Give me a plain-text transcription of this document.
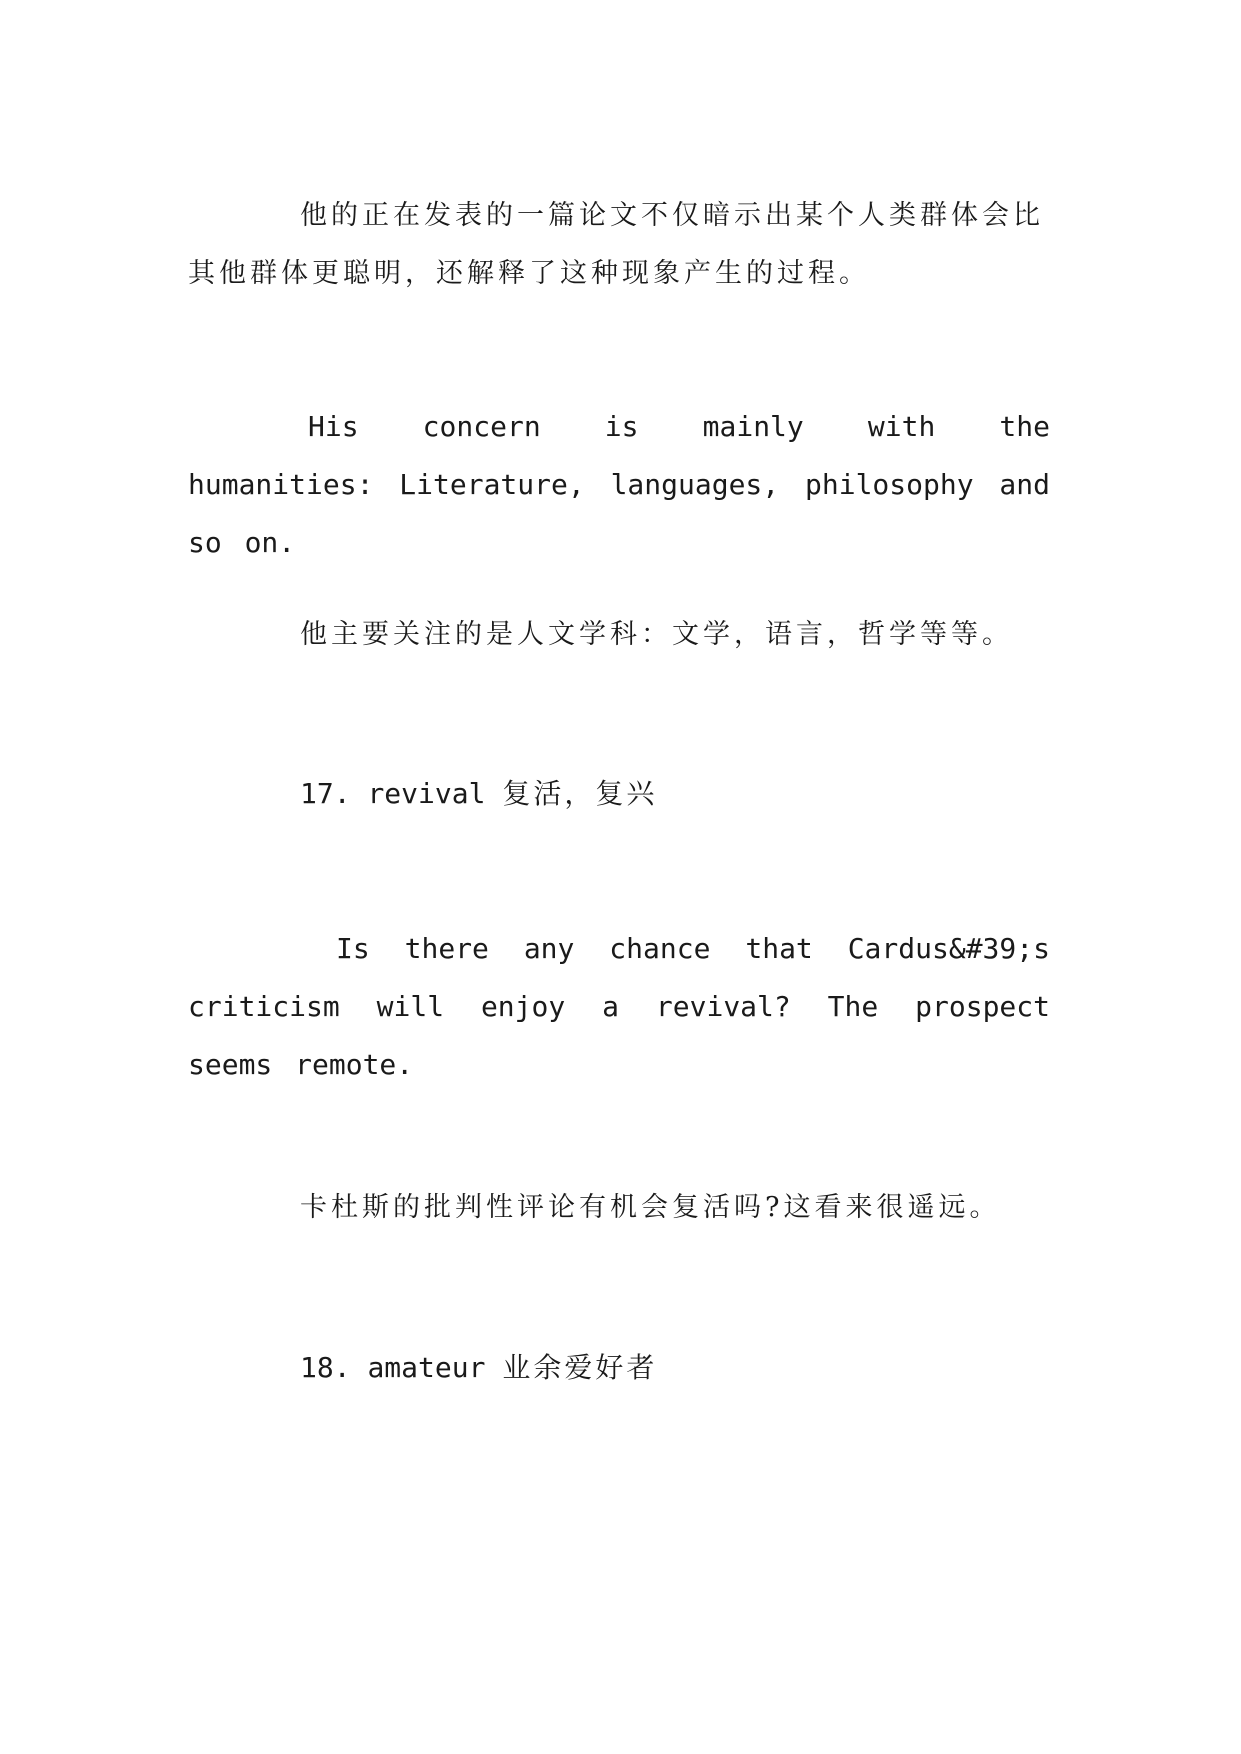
他的正在发表的一篇论文不仅暗示出某个人类群体会比其他群体更聪明，还解释了这种现象产生的过程。

His concern is mainly with the humanities: Literature, languages, philosophy and so on.

他主要关注的是人文学科：文学，语言，哲学等等。

17. revival 复活，复兴

Is there any chance that Cardus&#39;s criticism will enjoy a revival? The prospect seems remote.

卡杜斯的批判性评论有机会复活吗?这看来很遥远。

18. amateur 业余爱好者
